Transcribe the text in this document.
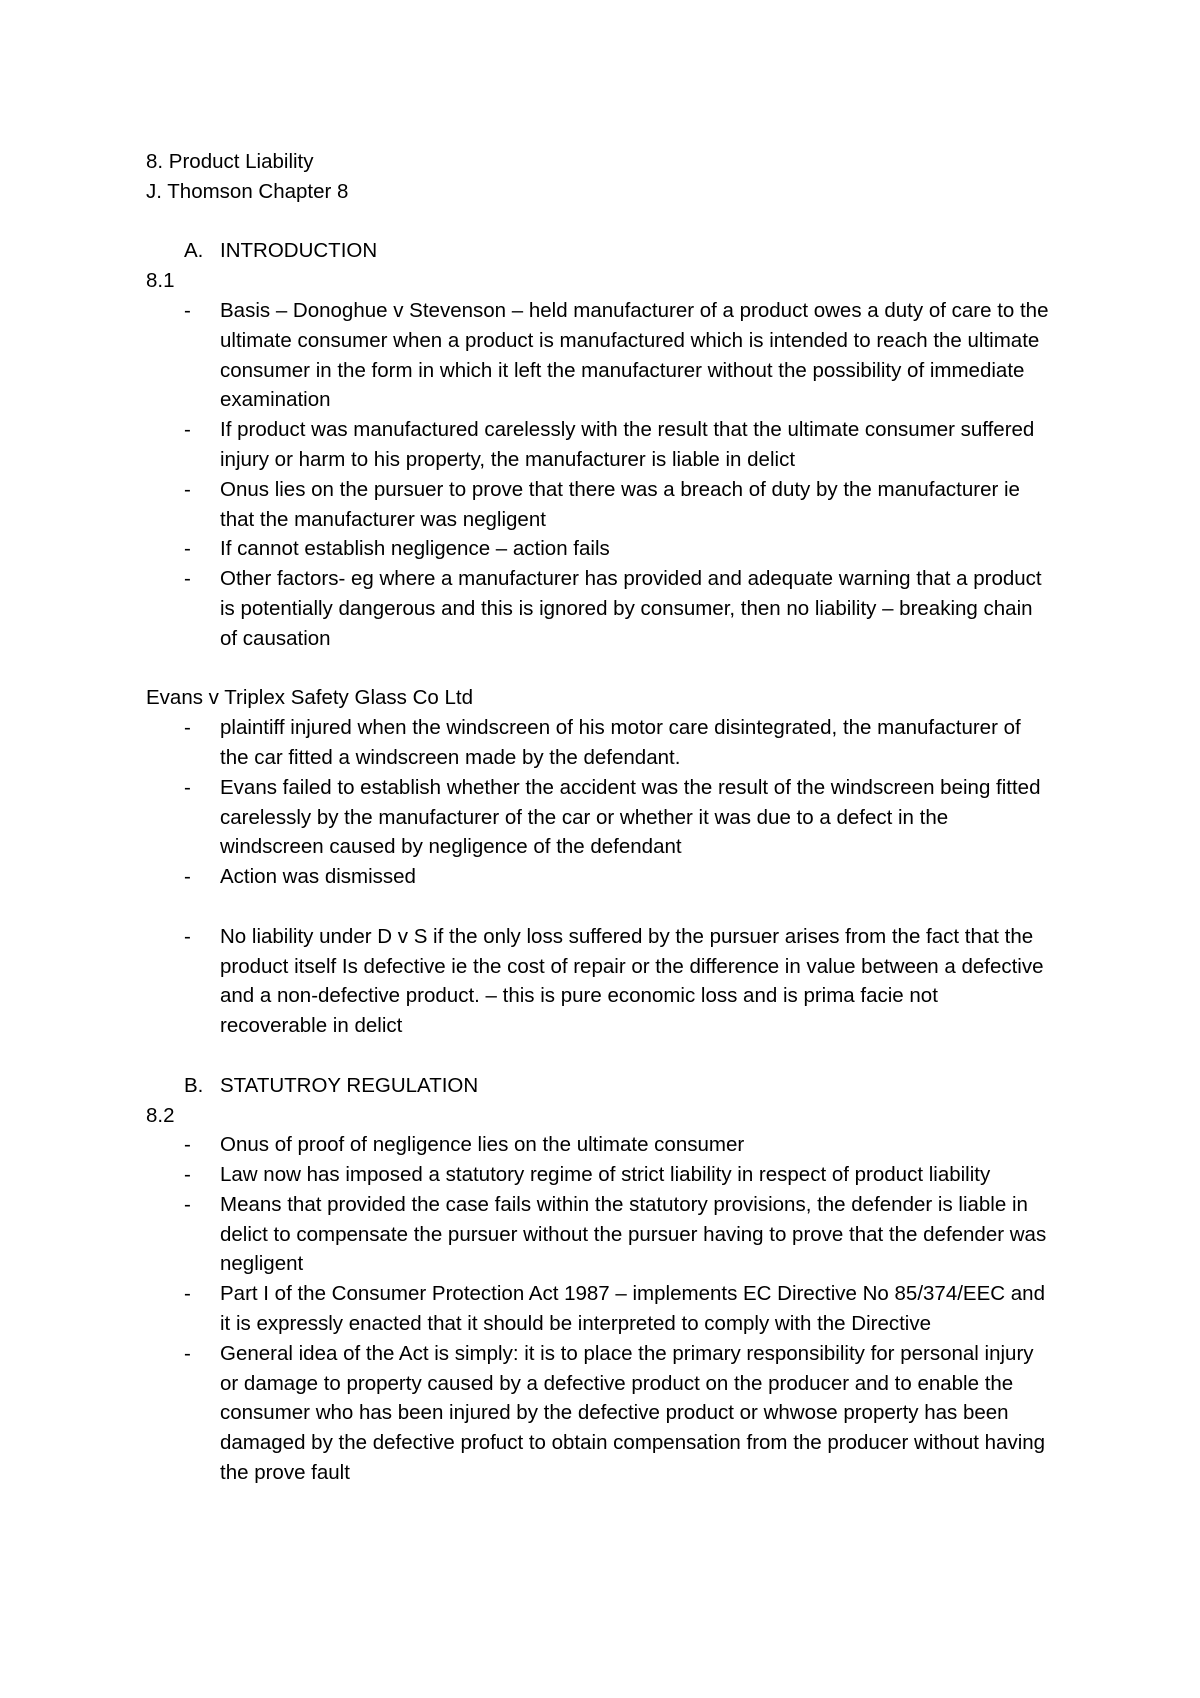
8. Product Liability
J. Thomson Chapter 8
A. INTRODUCTION
8.1
- Basis – Donoghue v Stevenson – held manufacturer of a product owes a duty of care to the ultimate consumer when a product is manufactured which is intended to reach the ultimate consumer in the form in which it left the manufacturer without the possibility of immediate examination
- If product was manufactured carelessly with the result that the ultimate consumer suffered injury or harm to his property, the manufacturer is liable in delict
- Onus lies on the pursuer to prove that there was a breach of duty by the manufacturer ie that the manufacturer was negligent
- If cannot establish negligence – action fails
- Other factors- eg where a manufacturer has provided and adequate warning that a product is potentially dangerous and this is ignored by consumer, then no liability – breaking chain of causation
Evans v Triplex Safety Glass Co Ltd
- plaintiff injured when the windscreen of his motor care disintegrated, the manufacturer of the car fitted a windscreen made by the defendant.
- Evans failed to establish whether the accident was the result of the windscreen being fitted carelessly by the manufacturer of the car or whether it was due to a defect in the windscreen caused by negligence of the defendant
- Action was dismissed
- No liability under D v S if the only loss suffered by the pursuer arises from the fact that the product itself Is defective ie the cost of repair or the difference in value between a defective and a non-defective product. – this is pure economic loss and is prima facie not recoverable in delict
B. STATUTROY REGULATION
8.2
- Onus of proof of negligence lies on the ultimate consumer
- Law now has imposed a statutory regime of strict liability in respect of product liability
- Means that provided the case fails within the statutory provisions, the defender is liable in delict to compensate the pursuer without the pursuer having to prove that the defender was negligent
- Part I of the Consumer Protection Act 1987 – implements EC Directive No 85/374/EEC and it is expressly enacted that it should be interpreted to comply with the Directive
- General idea of the Act is simply: it is to place the primary responsibility for personal injury or damage to property caused by a defective product on the producer and to enable the consumer who has been injured by the defective product or whwose property has been damaged by the defective profuct to obtain compensation from the producer without having the prove fault
